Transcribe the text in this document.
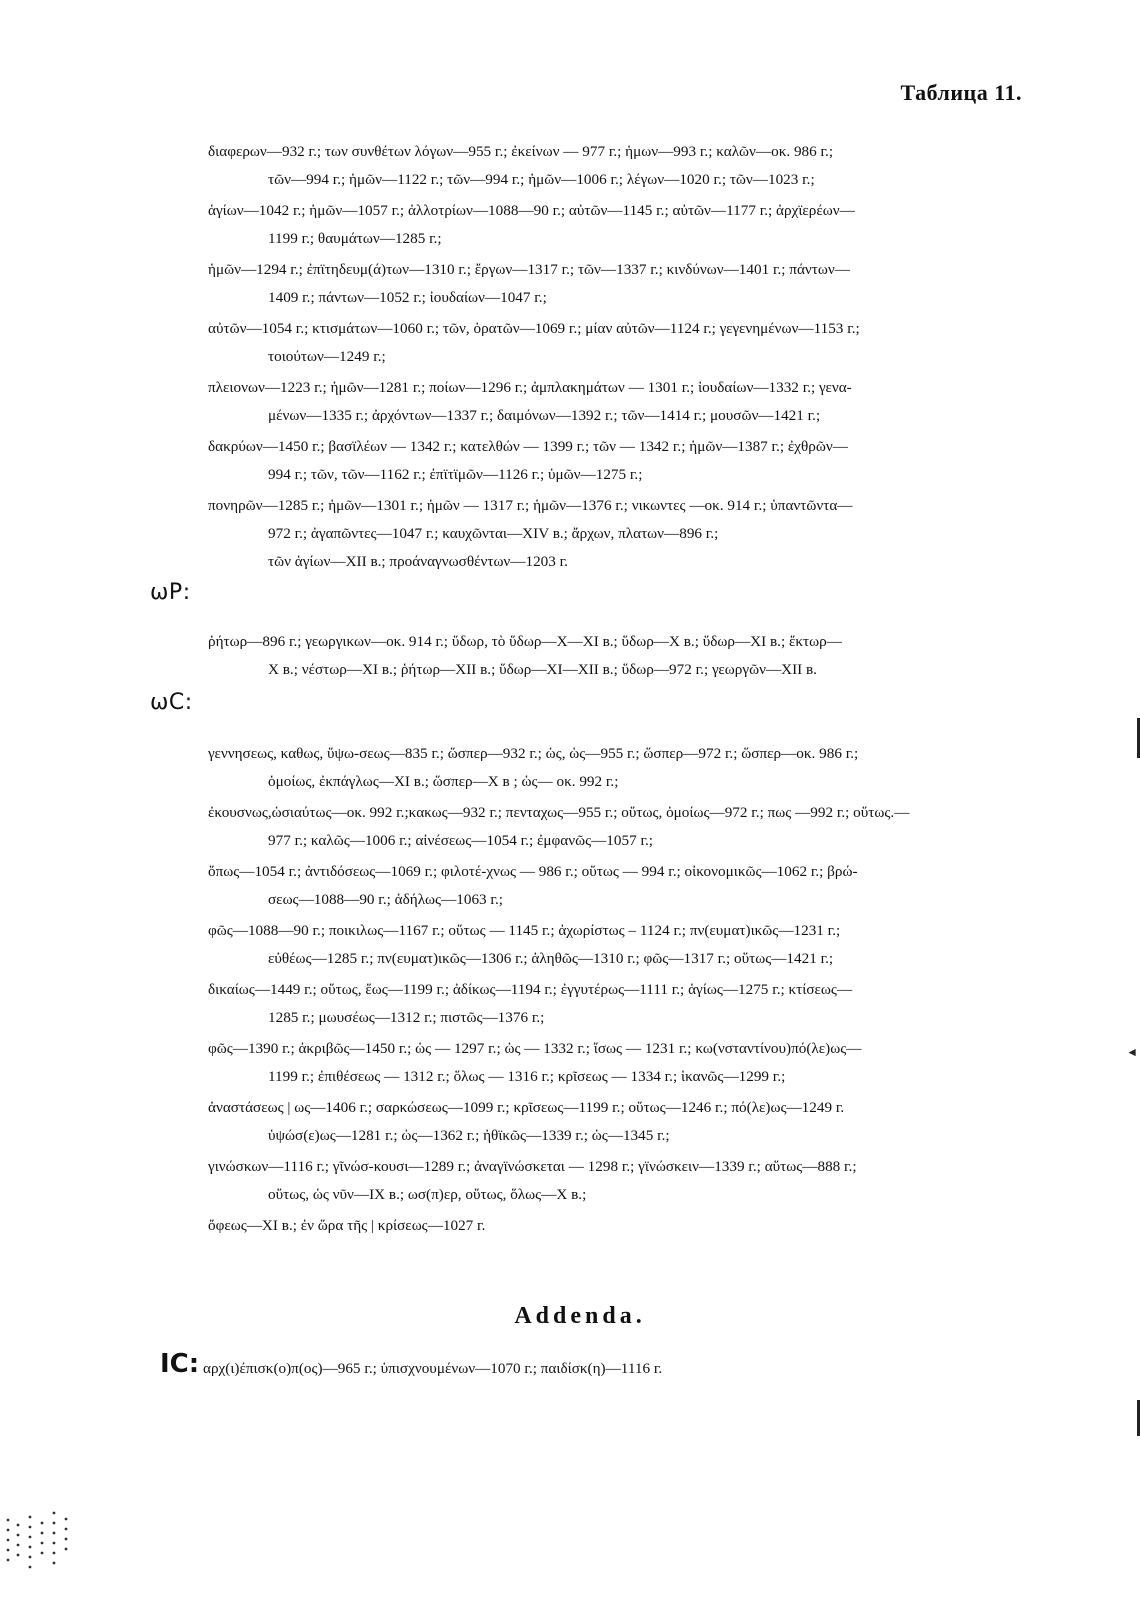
Таблица 11.
διαφερων—932 г.; των συνθέτων λόγων—955 г.; ἐκείνων — 977 г.; ἡμων—993 г.; καλῶν—οκ. 986 г.;
τῶν—994 г.; ἡμῶν—1122 г.; τῶν—994 г.; ἡμῶν—1006 г.; λέγων—1020 г.; τῶν—1023 г.;
ἁγίων—1042 г.; ἡμῶν—1057 г.; ἀλλοτρίων—1088—90 г.; αὐτῶν—1145 г.; αὐτῶν—1177 г.; ἀρχϊερέων—
1199 г.; θαυμάτων—1285 г.;
ἡμῶν—1294 г.; ἐπϊτηδευμ(ά)των—1310 г.; ἔργων—1317 г.; τῶν—1337 г.; κινδύνων—1401 г.; πάντων—
1409 г.; πάντων—1052 г.; ἰουδαίων—1047 г.;
αὐτῶν—1054 г.; κτισμάτων—1060 г.; τῶν, ὁρατῶν—1069 г.; μίαν αὐτῶν—1124 г.; γεγενημένων—1153 г.;
τοιούτων—1249 г.;
πλειονων—1223 г.; ἡμῶν—1281 г.; ποίων—1296 г.; ἀμπλακημάτων — 1301 г.; ἰουδαίων—1332 г.; γενα-
μένων—1335 г.; ἀρχόντων—1337 г.; δαιμόνων—1392 г.; τῶν—1414 г.; μουσῶν—1421 г.;
δακρύων—1450 г.; βασϊλέων — 1342 г.; κατελθών — 1399 г.; τῶν — 1342 г.; ἡμῶν—1387 г.; ἐχθρῶν—
994 г.; τῶν, τῶν—1162 г.; ἐπϊτϊμῶν—1126 г.; ὑμῶν—1275 г.;
πονηρῶν—1285 г.; ἡμῶν—1301 г.; ἡμῶν — 1317 г.; ἡμῶν—1376 г.; νικωντες —οκ. 914 г.; ὑπαντῶντα—
972 г.; ἀγαπῶντες—1047 г.; καυχῶνται—XIV в.; ἄρχων, πλατων—896 г.;
τῶν ἁγίων—XII в.; προάναγνωσθέντων—1203 г.
ωΡ:
ῥήτωρ—896 г.; γεωργικων—οκ. 914 г.; ὕδωρ, τὸ ὕδωρ—X—XI в.; ὕδωρ—X в.; ὕδωρ—XI в.; ἕκτωρ—
X в.; νέστωρ—XI в.; ῥήτωρ—XII в.; ὕδωρ—XI—XII в.; ὕδωρ—972 г.; γεωργῶν—XII в.
ωC:
γεννησεως, καθως, ὕψω-σεως—835 г.; ὥσπερ—932 г.; ὡς, ὡς—955 г.; ὥσπερ—972 г.; ὥσπερ—οκ. 986 г.;
ὁμοίως, ἐκπάγλως—XI в.; ὥσπερ—X в ; ὡς— οκ. 992 г.;
ἐκουσνως,ὡσιαύτως—οκ. 992 г.;κακως—932 г.; πενταχως—955 г.; οὕτως, ὁμοίως—972 г.; πως —992 г.; οὕτως.—
977 г.; καλῶς—1006 г.; αἰνέσεως—1054 г.; ἐμφανῶς—1057 г.;
ὅπως—1054 г.; ἀντιδόσεως—1069 г.; φιλοτέ-χνως — 986 г.; οὕτως — 994 г.; οἰκονομικῶς—1062 г.; βρώ-
σεως—1088—90 г.; ἀδήλως—1063 г.;
φῶς—1088—90 г.; ποικιλως—1167 г.; οὕτως — 1145 г.; ἀχωρίστως – 1124 г.; πν(ευματ)ικῶς—1231 г.;
εὐθέως—1285 г.; πν(ευματ)ικῶς—1306 г.; ἀληθῶς—1310 г.; φῶς—1317 г.; οὕτως—1421 г.;
δικαίως—1449 г.; οὕτως, ἕως—1199 г.; ἀδίκως—1194 г.; ἐγγυτέρως—1111 г.; ἁγίως—1275 г.; κτίσεως—
1285 г.; μωυσέως—1312 г.; πιστῶς—1376 г.;
φῶς—1390 г.; ἀκριβῶς—1450 г.; ὡς — 1297 г.; ὡς — 1332 г.; ἴσως — 1231 г.; κω(νσταντίνου)πό(λε)ως—
1199 г.; ἐπιθέσεως — 1312 г.; ὅλως — 1316 г.; κρῖσεως — 1334 г.; ἱκανῶς—1299 г.;
ἀναστάσεως | ως—1406 г.; σαρκώσεως—1099 г.; κρῖσεως—1199 г.; οὕτως—1246 г.; πό(λε)ως—1249 г.
ὑψώσ(ε)ως—1281 г.; ὡς—1362 г.; ἠθϊκῶς—1339 г.; ὡς—1345 г.;
γινώσκων—1116 г.; γῖνώσ-κουσι—1289 г.; ἀναγϊνώσκεται — 1298 г.; γϊνώσκειν—1339 г.; αὕτως—888 г.;
οὕτως, ὡς νῦν—IX в.; ωσ(π)ερ, οὕτως, ὅλως—X в.;
ὄφεως—XI в.; ἐν ὥρα τῆς | κρίσεως—1027 г.
Addenda.
IC: αρχ(ι)έπισκ(ο)π(ος)—965 г.; ὑπισχνουμένων—1070 г.; παιδίσκ(η)—1116 г.
◄
